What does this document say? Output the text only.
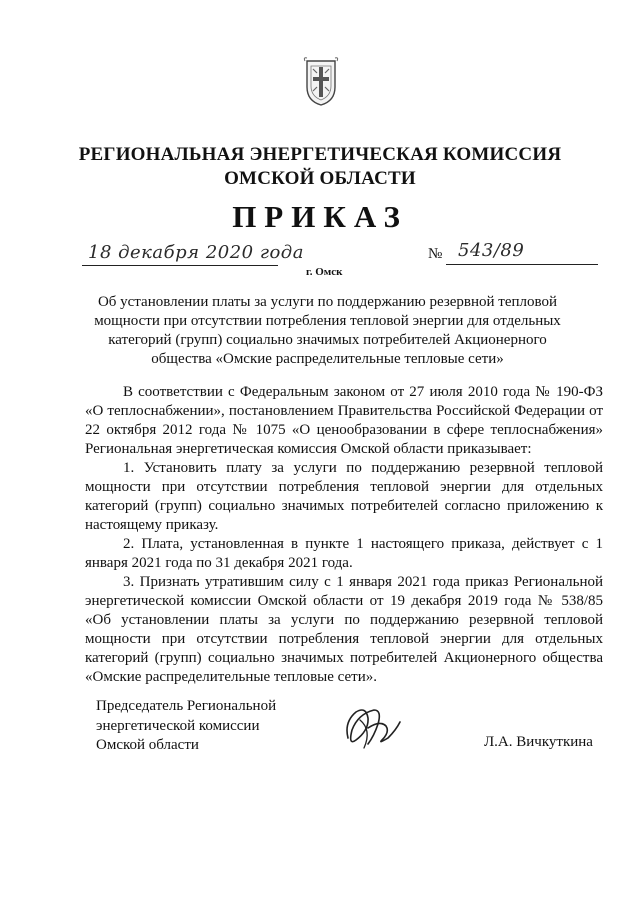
РЕГИОНАЛЬНАЯ ЭНЕРГЕТИЧЕСКАЯ КОМИССИЯ
ОМСКОЙ ОБЛАСТИ
ПРИКАЗ
18 декабря 2020 года	№ 543/89
г. Омск
Об установлении платы за услуги по поддержанию резервной тепловой мощности при отсутствии потребления тепловой энергии для отдельных категорий (групп) социально значимых потребителей Акционерного общества «Омские распределительные тепловые сети»

В соответствии с Федеральным законом от 27 июля 2010 года № 190-ФЗ «О теплоснабжении», постановлением Правительства Российской Федерации от 22 октября 2012 года № 1075 «О ценообразовании в сфере теплоснабжения» Региональная энергетическая комиссия Омской области приказывает:

1. Установить плату за услуги по поддержанию резервной тепловой мощности при отсутствии потребления тепловой энергии для отдельных категорий (групп) социально значимых потребителей согласно приложению к настоящему приказу.

2. Плата, установленная в пункте 1 настоящего приказа, действует с 1 января 2021 года по 31 декабря 2021 года.

3. Признать утратившим силу с 1 января 2021 года приказ Региональной энергетической комиссии Омской области от 19 декабря 2019 года № 538/85 «Об установлении платы за услуги по поддержанию резервной тепловой мощности при отсутствии потребления тепловой энергии для отдельных категорий (групп) социально значимых потребителей Акционерного общества «Омские распределительные тепловые сети».

Председатель Региональной
энергетической комиссии
Омской области	Л.А. Вичкуткина
